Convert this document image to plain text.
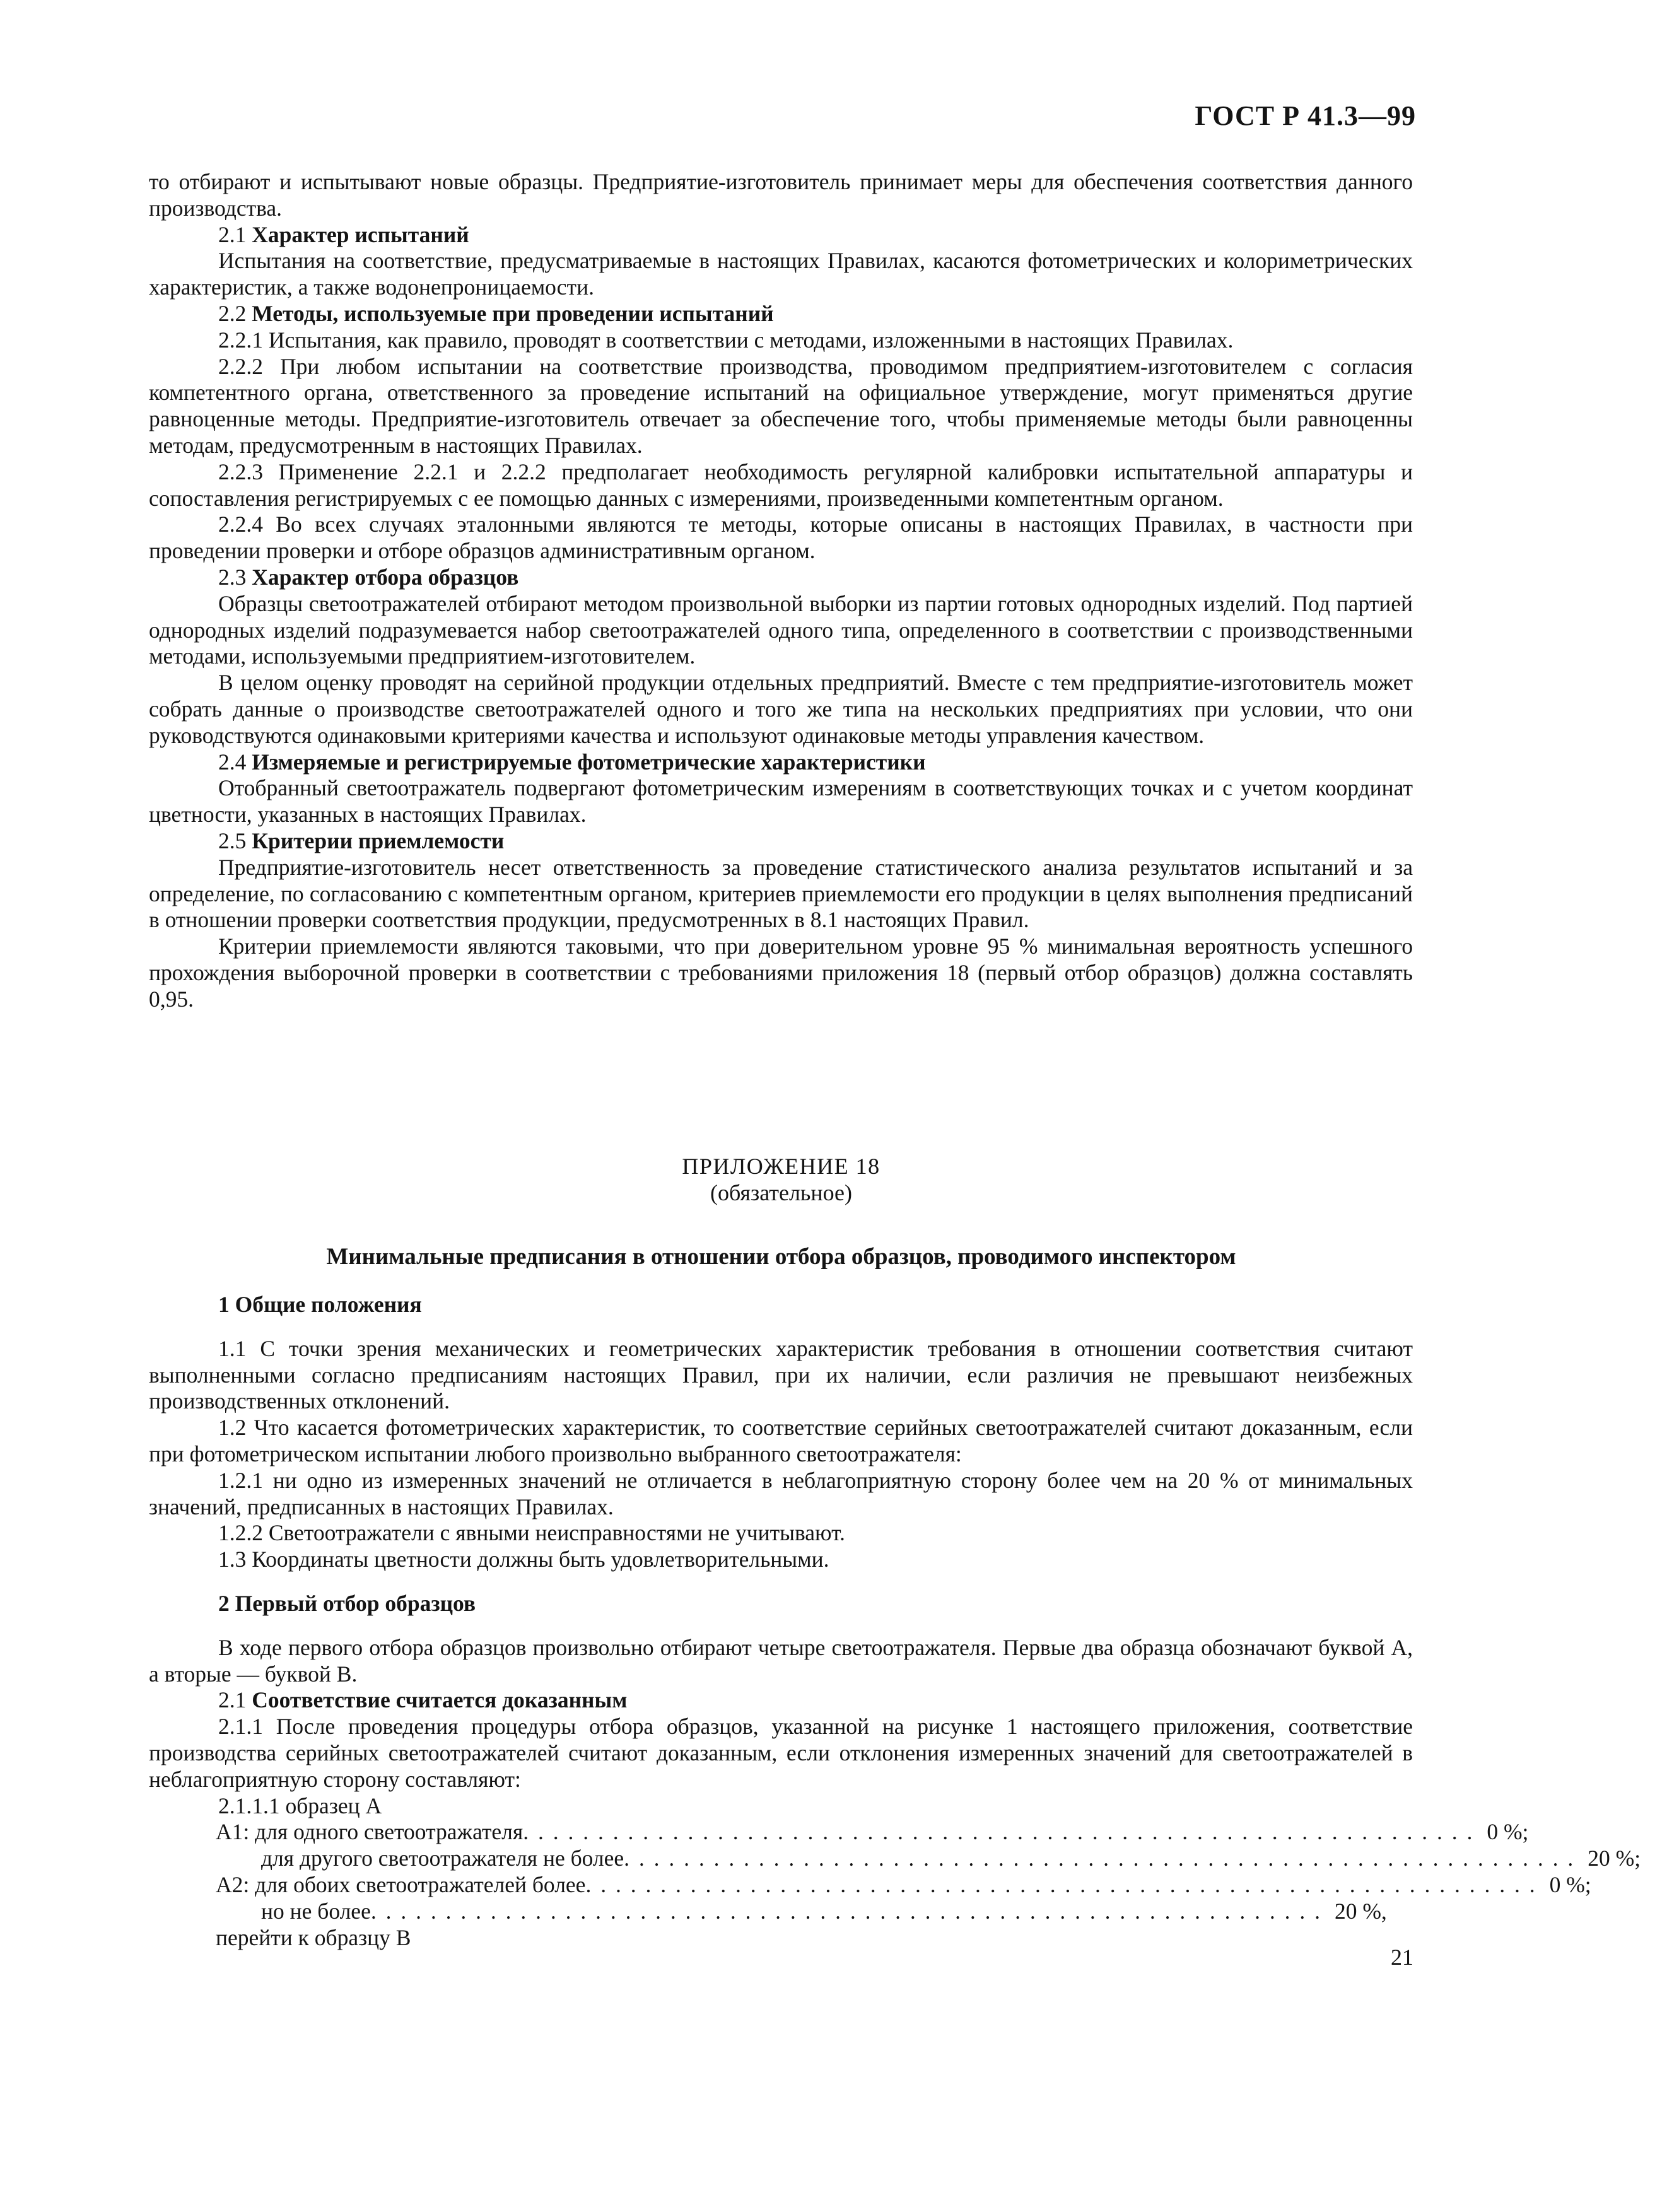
ГОСТ Р 41.3—99

то отбирают и испытывают новые образцы. Предприятие-изготовитель принимает меры для обеспечения соответствия данного производства.

2.1 Характер испытаний

Испытания на соответствие, предусматриваемые в настоящих Правилах, касаются фотометрических и колориметрических характеристик, а также водонепроницаемости.

2.2 Методы, используемые при проведении испытаний

2.2.1 Испытания, как правило, проводят в соответствии с методами, изложенными в настоящих Правилах.

2.2.2 При любом испытании на соответствие производства, проводимом предприятием-изготовителем с согласия компетентного органа, ответственного за проведение испытаний на официальное утверждение, могут применяться другие равноценные методы. Предприятие-изготовитель отвечает за обеспечение того, чтобы применяемые методы были равноценны методам, предусмотренным в настоящих Правилах.

2.2.3 Применение 2.2.1 и 2.2.2 предполагает необходимость регулярной калибровки испытательной аппаратуры и сопоставления регистрируемых с ее помощью данных с измерениями, произведенными компетентным органом.

2.2.4 Во всех случаях эталонными являются те методы, которые описаны в настоящих Правилах, в частности при проведении проверки и отборе образцов административным органом.

2.3 Характер отбора образцов

Образцы светоотражателей отбирают методом произвольной выборки из партии готовых однородных изделий. Под партией однородных изделий подразумевается набор светоотражателей одного типа, определенного в соответствии с производственными методами, используемыми предприятием-изготовителем.

В целом оценку проводят на серийной продукции отдельных предприятий. Вместе с тем предприятие-изготовитель может собрать данные о производстве светоотражателей одного и того же типа на нескольких предприятиях при условии, что они руководствуются одинаковыми критериями качества и используют одинаковые методы управления качеством.

2.4 Измеряемые и регистрируемые фотометрические характеристики

Отобранный светоотражатель подвергают фотометрическим измерениям в соответствующих точках и с учетом координат цветности, указанных в настоящих Правилах.

2.5 Критерии приемлемости

Предприятие-изготовитель несет ответственность за проведение статистического анализа результатов испытаний и за определение, по согласованию с компетентным органом, критериев приемлемости его продукции в целях выполнения предписаний в отношении проверки соответствия продукции, предусмотренных в 8.1 настоящих Правил.

Критерии приемлемости являются таковыми, что при доверительном уровне 95 % минимальная вероятность успешного прохождения выборочной проверки в соответствии с требованиями приложения 18 (первый отбор образцов) должна составлять 0,95.

ПРИЛОЖЕНИЕ 18
(обязательное)
Минимальные предписания в отношении отбора образцов, проводимого инспектором

1 Общие положения

1.1 С точки зрения механических и геометрических характеристик требования в отношении соответствия считают выполненными согласно предписаниям настоящих Правил, при их наличии, если различия не превышают неизбежных производственных отклонений.

1.2 Что касается фотометрических характеристик, то соответствие серийных светоотражателей считают доказанным, если при фотометрическом испытании любого произвольно выбранного светоотражателя:

1.2.1 ни одно из измеренных значений не отличается в неблагоприятную сторону более чем на 20 % от минимальных значений, предписанных в настоящих Правилах.

1.2.2 Светоотражатели с явными неисправностями не учитывают.

1.3 Координаты цветности должны быть удовлетворительными.

2 Первый отбор образцов

В ходе первого отбора образцов произвольно отбирают четыре светоотражателя. Первые два образца обозначают буквой А, а вторые — буквой В.

2.1 Соответствие считается доказанным

2.1.1 После проведения процедуры отбора образцов, указанной на рисунке 1 настоящего приложения, соответствие производства серийных светоотражателей считают доказанным, если отклонения измеренных значений для светоотражателей в неблагоприятную сторону составляют:

2.1.1.1 образец А

А1: для одного светоотражателя . . . . . . . . . . . . . . . . . . . . . . . . . . . . . . . . . . . . . . . . . . . . . . . . . . . . . . . . . . . . . . . . 0 %;
для другого светоотражателя не более . . . . . . . . . . . . . . . . . . . . . . . . . . . . . . . . . . . . . . . . . . . . . . . . . . . . . . . . . . . . . . . . 20 %;
А2: для обоих светоотражателей более . . . . . . . . . . . . . . . . . . . . . . . . . . . . . . . . . . . . . . . . . . . . . . . . . . . . . . . . . . . . . . . . 0 %;
но не более . . . . . . . . . . . . . . . . . . . . . . . . . . . . . . . . . . . . . . . . . . . . . . . . . . . . . . . . . . . . . . . . 20 %,

перейти к образцу В

21
